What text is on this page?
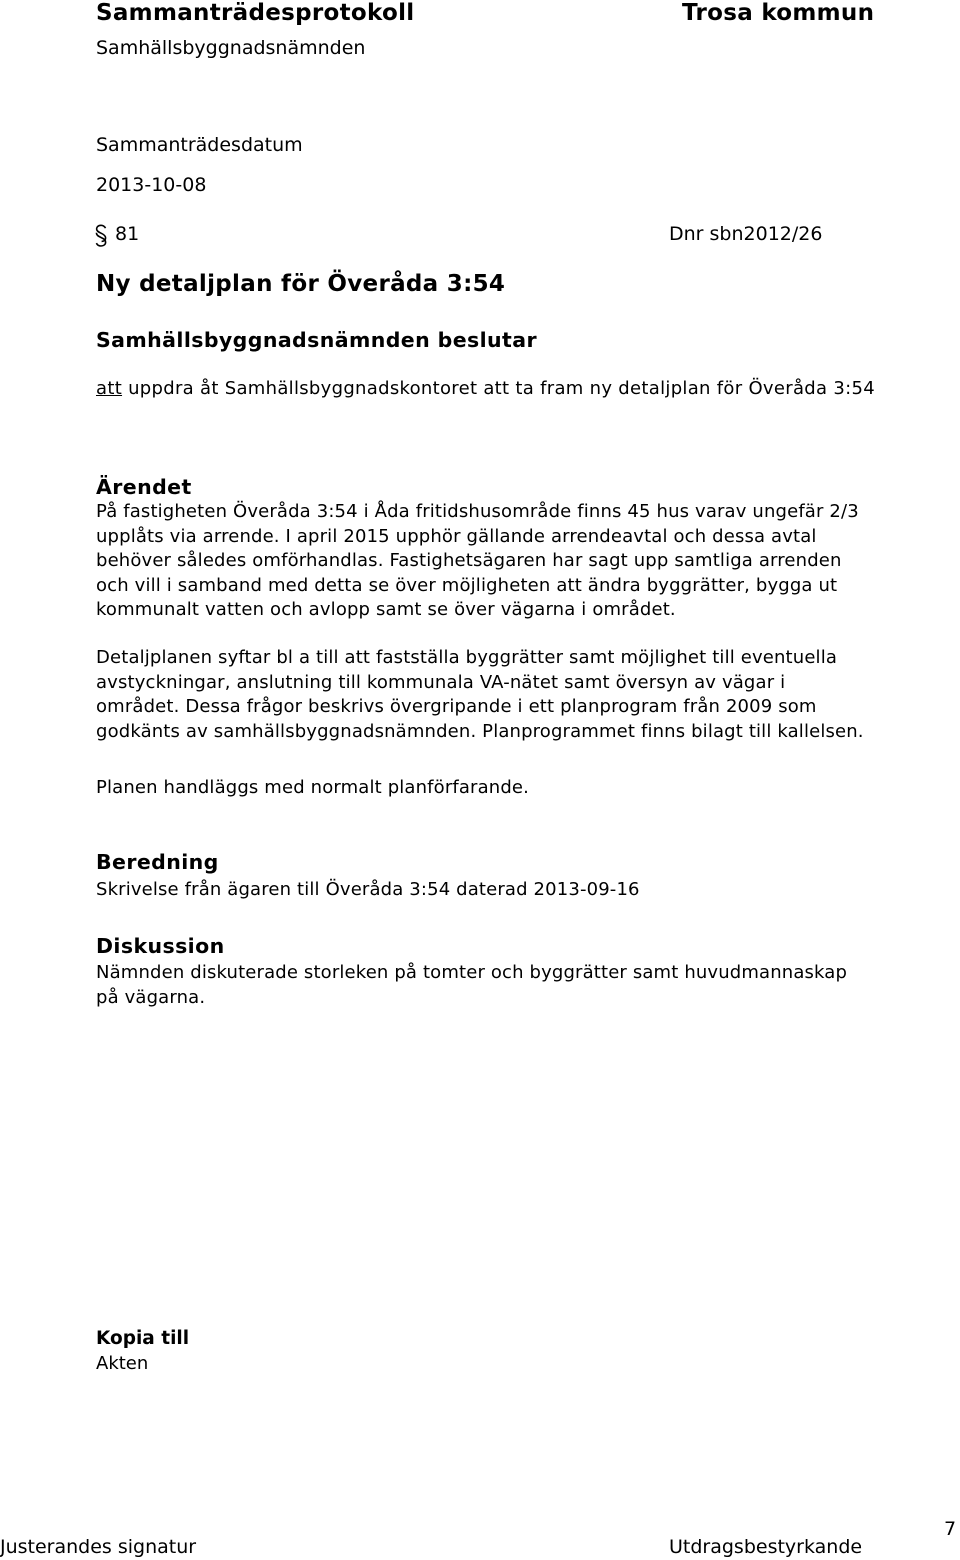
Sammanträdesprotokoll	Trosa kommun
Samhällsbyggnadsnämnden
Sammanträdesdatum
2013-10-08
81	Dnr sbn2012/26
Ny detaljplan för Överåda 3:54
Samhällsbyggnadsnämnden beslutar
att uppdra åt Samhällsbyggnadskontoret att ta fram ny detaljplan för Överåda 3:54
Ärendet
På fastigheten Överåda 3:54 i Åda fritidshusområde finns 45 hus varav ungefär 2/3
upplåts via arrende. I april 2015 upphör gällande arrendeavtal och dessa avtal
behöver således omförhandlas. Fastighetsägaren har sagt upp samtliga arrenden
och vill i samband med detta se över möjligheten att ändra byggrätter, bygga ut
kommunalt vatten och avlopp samt se över vägarna i området.
Detaljplanen syftar bl a till att fastställa byggrätter samt möjlighet till eventuella
avstyckningar, anslutning till kommunala VA-nätet samt översyn av vägar i
området. Dessa frågor beskrivs övergripande i ett planprogram från 2009 som
godkänts av samhällsbyggnadsnämnden. Planprogrammet finns bilagt till kallelsen.
Planen handläggs med normalt planförfarande.
Beredning
Skrivelse från ägaren till Överåda 3:54 daterad 2013-09-16
Diskussion
Nämnden diskuterade storleken på tomter och byggrätter samt huvudmannaskap
på vägarna.
Kopia till
Akten
Justerandes signatur	Utdragsbestyrkande
7
